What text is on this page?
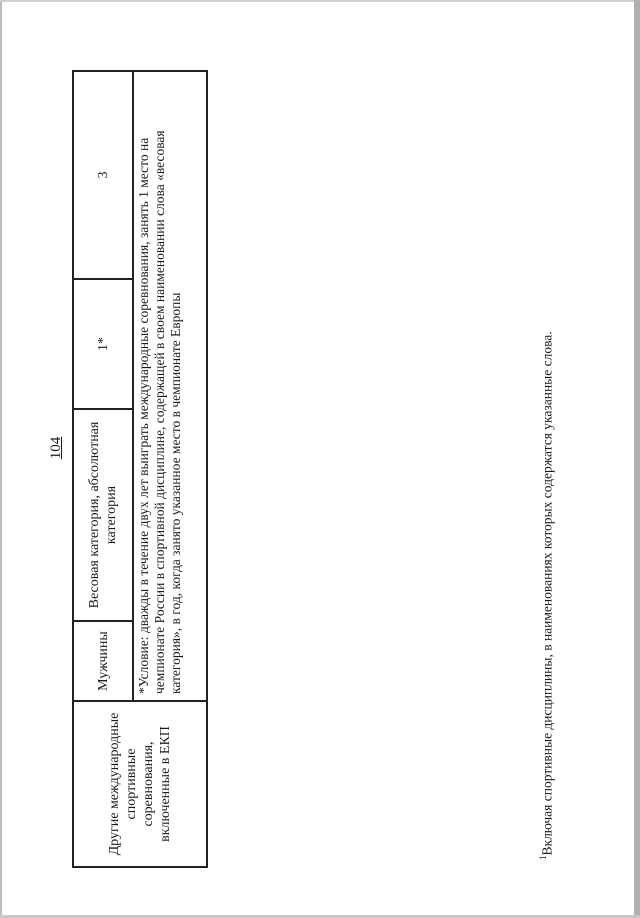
104
Другие международные спортивные соревнования, включенные в ЕКП	Мужчины	Весовая категория, абсолютная категория	1*	3
*Условие: дважды в течение двух лет выиграть международные соревнования, занять 1 место на чемпионате России в спортивной дисциплине, содержащей в своем наименовании слова «весовая категория», в год, когда занято указанное место в чемпионате Европы
$^1$Включая спортивные дисциплины, в наименованиях которых содержатся указанные слова.
